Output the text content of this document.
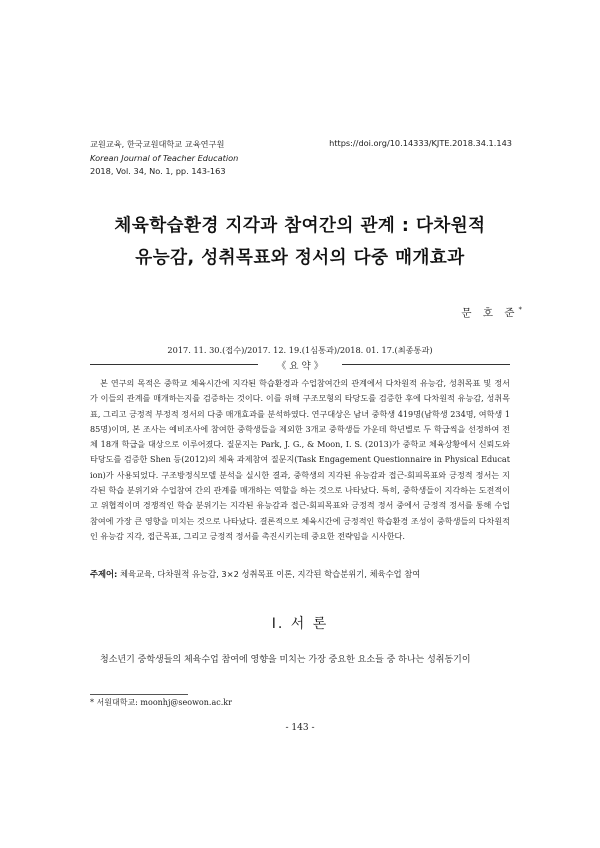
교원교육, 한국교원대학교 교육연구원
Korean Journal of Teacher Education
2018, Vol. 34, No. 1, pp. 143-163
https://doi.org/10.14333/KJTE.2018.34.1.143
체육학습환경 지각과 참여간의 관계 : 다차원적
유능감, 성취목표와 정서의 다중 매개효과
문 호 준*
2017. 11. 30.(접수)/2017. 12. 19.(1심통과)/2018. 01. 17.(최종통과)
《 요 약 》
본 연구의 목적은 중학교 체육시간에 지각된 학습환경과 수업참여간의 관계에서 다차원적 유능감, 성취목표 및 정서가 이들의 관계를 매개하는지를 검증하는 것이다. 이를 위해 구조모형의 타당도를 검증한 후에 다차원적 유능감, 성취목표, 그리고 긍정적 부정적 정서의 다중 매개효과를 분석하였다. 연구대상은 남녀 중학생 419명(남학생 234명, 여학생 185명)이며, 본 조사는 예비조사에 참여한 중학생들을 제외한 3개교 중학생들 가운데 학년별로 두 학급씩을 선정하여 전체 18개 학급을 대상으로 이루어졌다. 질문지는 Park, J. G., & Moon, I. S. (2013)가 중학교 체육상황에서 신뢰도와 타당도를 검증한 Shen 등(2012)의 체육 과제참여 질문지(Task Engagement Questionnaire in Physical Education)가 사용되었다. 구조방정식모델 분석을 실시한 결과, 중학생의 지각된 유능감과 접근-회피목표와 긍정적 정서는 지각된 학습 분위기와 수업참여 간의 관계를 매개하는 역할을 하는 것으로 나타났다. 특히, 중학생들이 지각하는 도전적이고 위협적이며 경쟁적인 학습 분위기는 지각된 유능감과 접근-회피목표와 긍정적 정서 중에서 긍정적 정서를 통해 수업참여에 가장 큰 영향을 미치는 것으로 나타났다. 결론적으로 체육시간에 긍정적인 학습환경 조성이 중학생들의 다차원적인 유능감 지각, 접근목표, 그리고 긍정적 정서를 촉진시키는데 중요한 전략임을 시사한다.
주제어: 체육교육, 다차원적 유능감, 3×2 성취목표 이론, 지각된 학습분위기, 체육수업 참여
Ⅰ. 서 론
청소년기 중학생들의 체육수업 참여에 영향을 미치는 가장 중요한 요소들 중 하나는 성취동기이
* 서원대학교: moonhj@seowon.ac.kr
- 143 -
